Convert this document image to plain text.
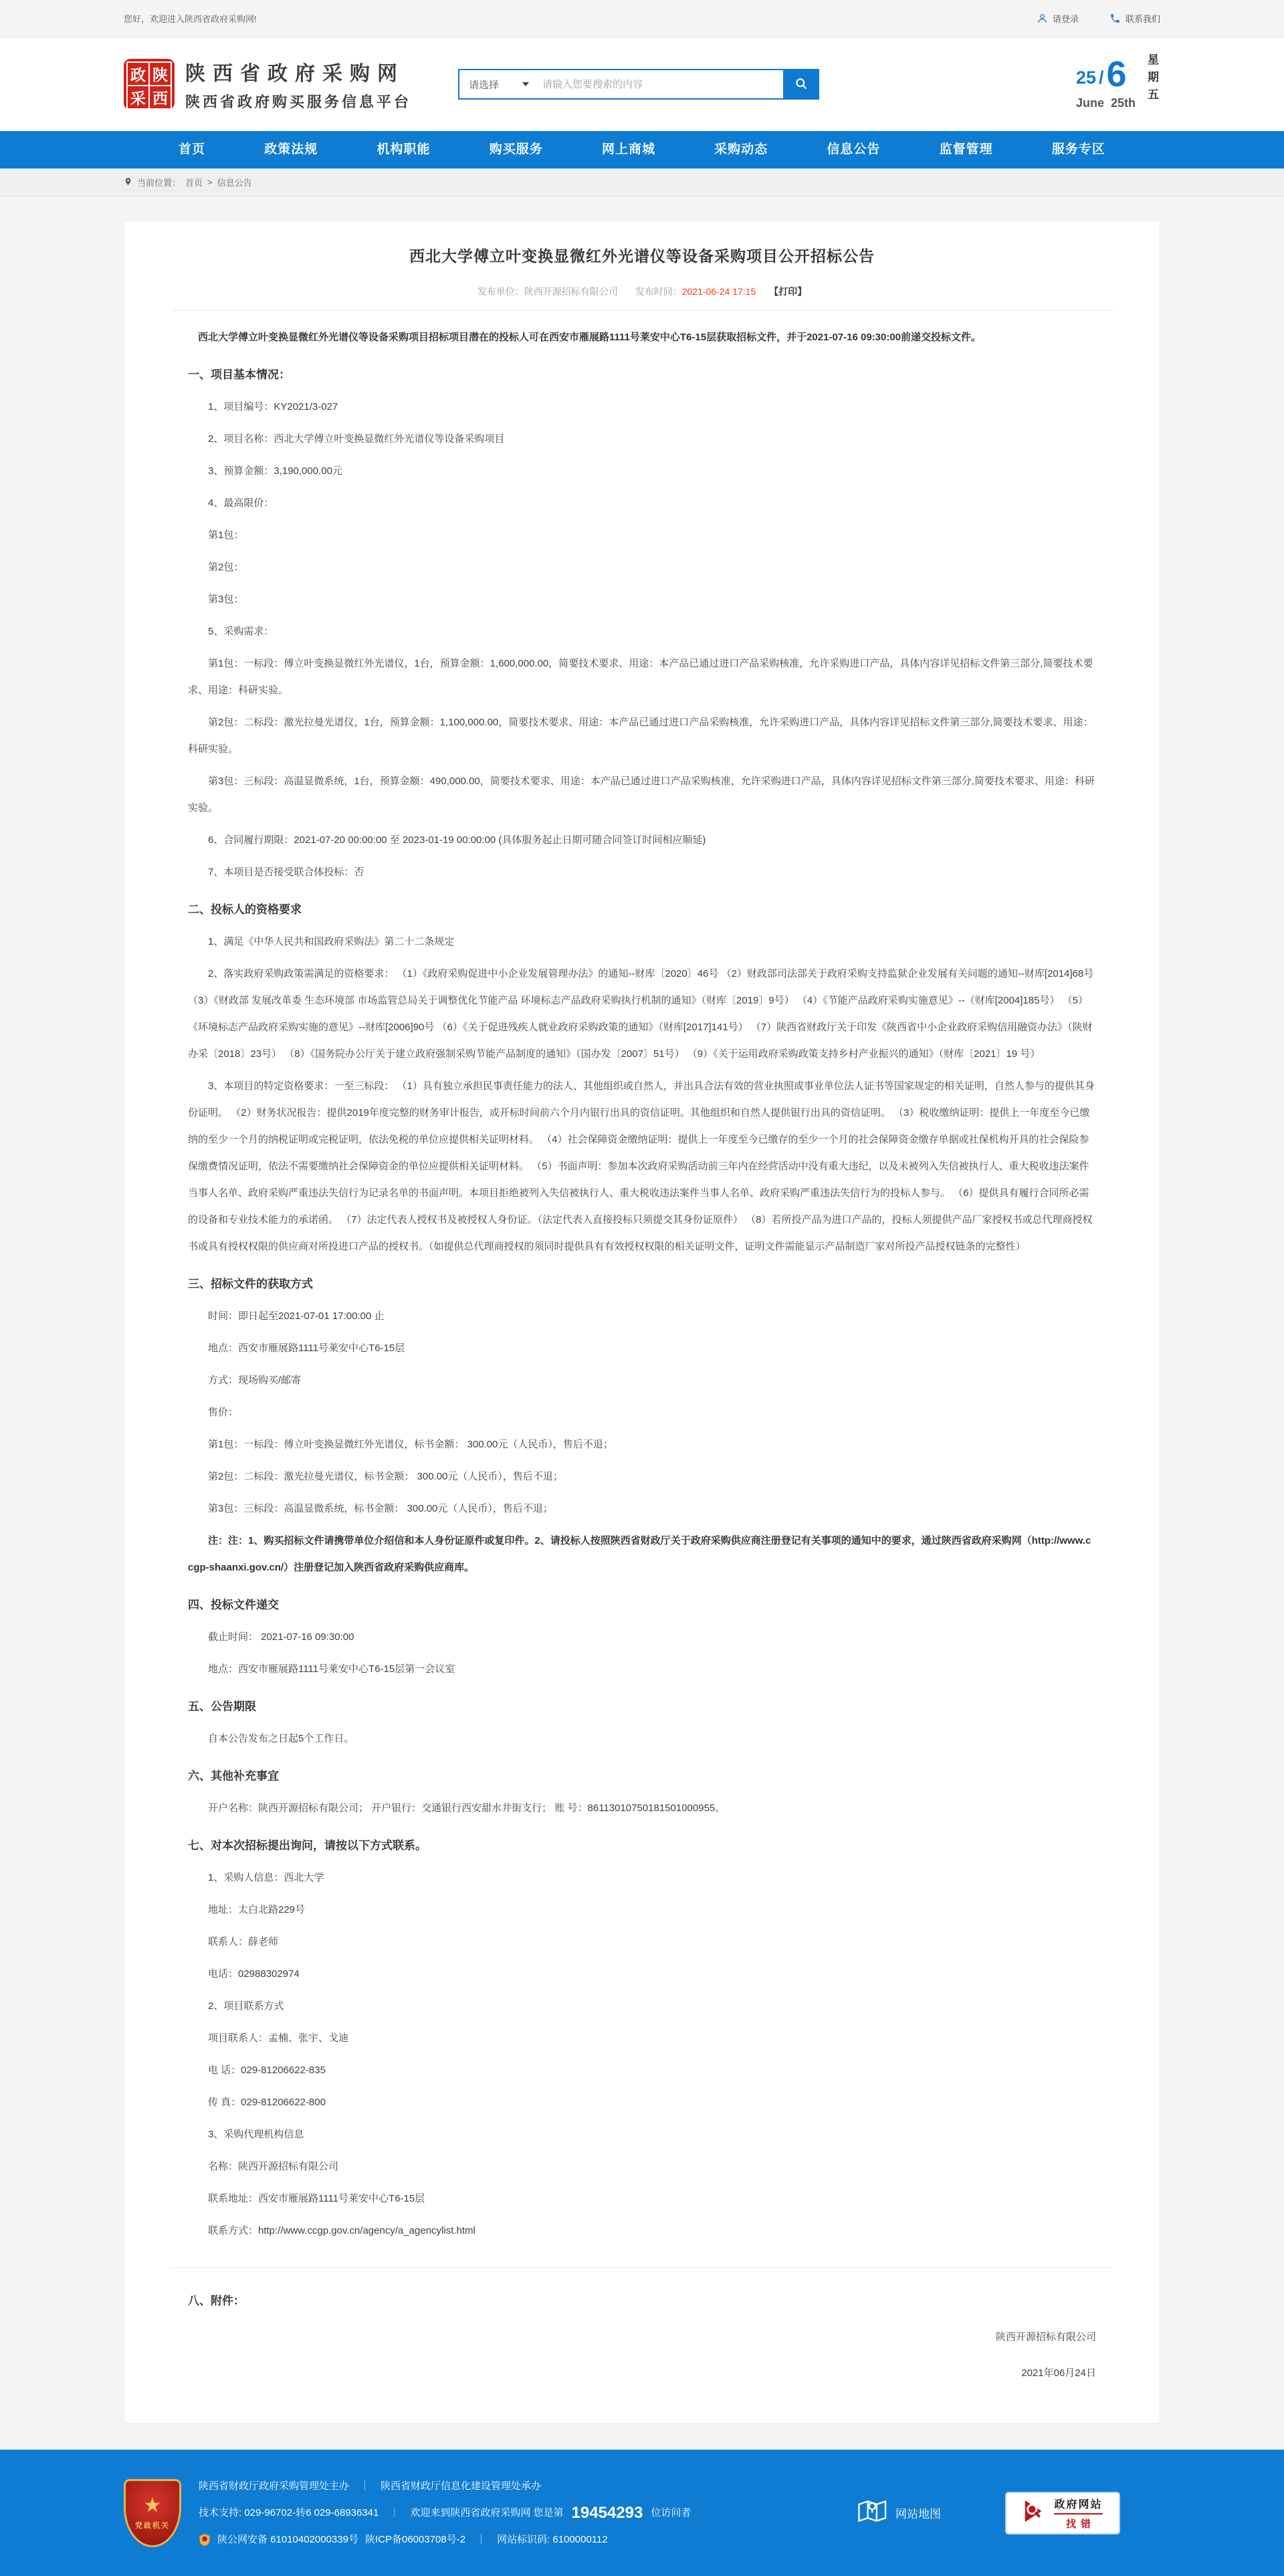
您好，欢迎进入陕西省政府采购网!	请登录	联系我们
政 陕
采 西
陕西省政府采购网
陕西省政府购买服务信息平台
请选择
请输入您要搜索的内容	25 / 6
June 25th 星期五
首页	政策法规	机构职能	购买服务	网上商城	采购动态	信息公告	监督管理	服务专区
当前位置： 首页 > 信息公告
西北大学傅立叶变换显微红外光谱仪等设备采购项目公开招标公告
发布单位：陕西开源招标有限公司 发布时间：2021-06-24 17:15 【打印】

西北大学傅立叶变换显微红外光谱仪等设备采购项目招标项目潜在的投标人可在西安市雁展路1111号莱安中心T6-15层获取招标文件，并于2021-07-16 09:30:00前递交投标文件。

一、项目基本情况：

1、项目编号：KY2021/3-027

2、项目名称：西北大学傅立叶变换显微红外光谱仪等设备采购项目

3、预算金额：3,190,000.00元

4、最高限价：

第1包：

第2包：

第3包：

5、采购需求：

第1包：一标段：傅立叶变换显微红外光谱仪，1台，预算金额：1,600,000.00，简要技术要求、用途：本产品已通过进口产品采购核准，允许采购进口产品，具体内容详见招标文件第三部分,简要技术要求、用途：科研实验。

第2包：二标段：激光拉曼光谱仪，1台，预算金额：1,100,000.00，简要技术要求、用途：本产品已通过进口产品采购核准，允许采购进口产品，具体内容详见招标文件第三部分,简要技术要求、用途：科研实验。

第3包：三标段：高温显微系统，1台，预算金额：490,000.00，简要技术要求、用途：本产品已通过进口产品采购核准，允许采购进口产品，具体内容详见招标文件第三部分,简要技术要求、用途：科研实验。

6、合同履行期限：2021-07-20 00:00:00 至 2023-01-19 00:00:00 (具体服务起止日期可随合同签订时间相应顺延)

7、本项目是否接受联合体投标：否

二、投标人的资格要求

1、满足《中华人民共和国政府采购法》第二十二条规定

2、落实政府采购政策需满足的资格要求： （1）《政府采购促进中小企业发展管理办法》的通知--财库〔2020〕46号 （2）财政部司法部关于政府采购支持监狱企业发展有关问题的通知--财库[2014]68号 （3）《财政部 发展改革委 生态环境部 市场监管总局关于调整优化节能产品 环境标志产品政府采购执行机制的通知》（财库〔2019〕9号） （4）《节能产品政府采购实施意见》--（财库[2004]185号） （5）《环境标志产品政府采购实施的意见》--财库[2006]90号 （6）《关于促进残疾人就业政府采购政策的通知》（财库[2017]141号） （7）陕西省财政厅关于印发《陕西省中小企业政府采购信用融资办法》（陕财办采〔2018〕23号） （8）《国务院办公厅关于建立政府强制采购节能产品制度的通知》（国办发〔2007〕51号） （9）《关于运用政府采购政策支持乡村产业振兴的通知》（财库〔2021〕19 号）

3、本项目的特定资格要求：一至三标段： （1）具有独立承担民事责任能力的法人、其他组织或自然人，并出具合法有效的营业执照或事业单位法人证书等国家规定的相关证明，自然人参与的提供其身份证明。 （2）财务状况报告：提供2019年度完整的财务审计报告，或开标时间前六个月内银行出具的资信证明。其他组织和自然人提供银行出具的资信证明。 （3）税收缴纳证明：提供上一年度至今已缴纳的至少一个月的纳税证明或完税证明，依法免税的单位应提供相关证明材料。 （4）社会保障资金缴纳证明：提供上一年度至今已缴存的至少一个月的社会保障资金缴存单据或社保机构开具的社会保险参保缴费情况证明，依法不需要缴纳社会保障资金的单位应提供相关证明材料。 （5）书面声明：参加本次政府采购活动前三年内在经营活动中没有重大违纪，以及未被列入失信被执行人、重大税收违法案件当事人名单、政府采购严重违法失信行为记录名单的书面声明。本项目拒绝被列入失信被执行人、重大税收违法案件当事人名单、政府采购严重违法失信行为的投标人参与。 （6）提供具有履行合同所必需的设备和专业技术能力的承诺函。 （7）法定代表人授权书及被授权人身份证。（法定代表人直接投标只须提交其身份证原件） （8）若所投产品为进口产品的，投标人须提供产品厂家授权书或总代理商授权书或具有授权权限的供应商对所投进口产品的授权书。（如提供总代理商授权的须同时提供具有有效授权权限的相关证明文件，证明文件需能显示产品制造厂家对所投产品授权链条的完整性）

三、招标文件的获取方式

时间：即日起至2021-07-01 17:00:00 止

地点：西安市雁展路1111号莱安中心T6-15层

方式：现场购买/邮寄

售价：

第1包：一标段：傅立叶变换显微红外光谱仪，标书金额： 300.00元（人民币），售后不退；

第2包：二标段：激光拉曼光谱仪，标书金额： 300.00元（人民币），售后不退；

第3包：三标段：高温显微系统，标书金额： 300.00元（人民币），售后不退；

注：注：1、购买招标文件请携带单位介绍信和本人身份证原件或复印件。2、请投标人按照陕西省财政厅关于政府采购供应商注册登记有关事项的通知中的要求，通过陕西省政府采购网（http://www.ccgp-shaanxi.gov.cn/）注册登记加入陕西省政府采购供应商库。

四、投标文件递交

截止时间： 2021-07-16 09:30:00

地点：西安市雁展路1111号莱安中心T6-15层第一会议室

五、公告期限

自本公告发布之日起5个工作日。

六、其他补充事宜

开户名称：陕西开源招标有限公司； 开户银行：交通银行西安甜水井街支行； 账 号：86113010750181501000955。

七、对本次招标提出询问，请按以下方式联系。

1、采购人信息：西北大学

地址：太白北路229号

联系人：薛老师

电话：02988302974

2、项目联系方式

项目联系人：孟楠、张宇、戈迪

电 话：029-81206622-835

传 真：029-81206622-800

3、采购代理机构信息

名称：陕西开源招标有限公司

联系地址：西安市雁展路1111号莱安中心T6-15层

联系方式：http://www.ccgp.gov.cn/agency/a_agencylist.html

八、附件：

陕西开源招标有限公司

2021年06月24日

★
党政机关
陕西省财政厅政府采购管理处主办	｜	陕西省财政厅信息化建设管理处承办
技术支持: 029-96702-转6 029-68936341	｜	欢迎来到陕西省政府采购网 您是第 19454293 位访问者
陕公网安备 61010402000339号 陕ICP备06003708号-2	｜	网站标识码: 6100000112
网站地图
政府网站
找错
